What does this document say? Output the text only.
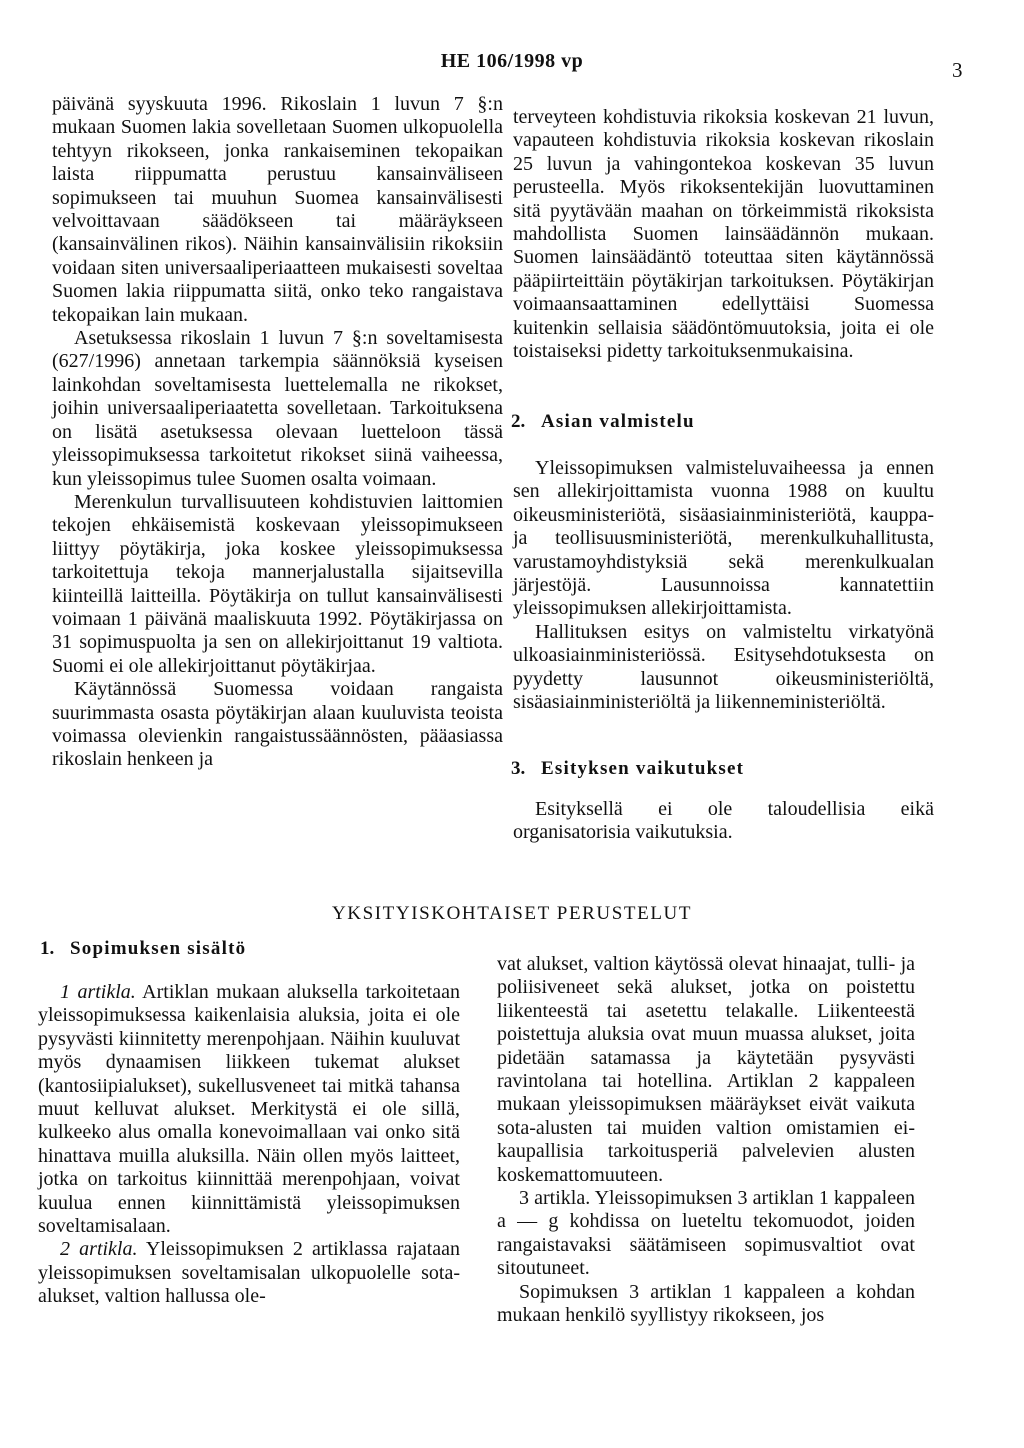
HE 106/1998 vp	3

päivänä syyskuuta 1996. Rikoslain 1 luvun 7 §:n mukaan Suomen lakia sovelletaan Suomen ulkopuolella tehtyyn rikokseen, jonka rankaiseminen tekopaikan laista riippumatta perustuu kansainväliseen sopimukseen tai muuhun Suomea kansainvälisesti velvoittavaan säädökseen tai määräykseen (kansainvälinen rikos). Näihin kansainvälisiin rikoksiin voidaan siten universaaliperiaatteen mukaisesti soveltaa Suomen lakia riippumatta siitä, onko teko rangaistava tekopaikan lain mukaan.

Asetuksessa rikoslain 1 luvun 7 §:n soveltamisesta (627/1996) annetaan tarkempia säännöksiä kyseisen lainkohdan soveltamisesta luettelemalla ne rikokset, joihin universaaliperiaatetta sovelletaan. Tarkoituksena on lisätä asetuksessa olevaan luetteloon tässä yleissopimuksessa tarkoitetut rikokset siinä vaiheessa, kun yleissopimus tulee Suomen osalta voimaan.

Merenkulun turvallisuuteen kohdistuvien laittomien tekojen ehkäisemistä koskevaan yleissopimukseen liittyy pöytäkirja, joka koskee yleissopimuksessa tarkoitettuja tekoja mannerjalustalla sijaitsevilla kiinteillä laitteilla. Pöytäkirja on tullut kansainvälisesti voimaan 1 päivänä maaliskuuta 1992. Pöytäkirjassa on 31 sopimuspuolta ja sen on allekirjoittanut 19 valtiota. Suomi ei ole allekirjoittanut pöytäkirjaa.

Käytännössä Suomessa voidaan rangaista suurimmasta osasta pöytäkirjan alaan kuuluvista teoista voimassa olevienkin rangaistussäännösten, pääasiassa rikoslain henkeen ja

terveyteen kohdistuvia rikoksia koskevan 21 luvun, vapauteen kohdistuvia rikoksia koskevan rikoslain 25 luvun ja vahingontekoa koskevan 35 luvun perusteella. Myös rikoksentekijän luovuttaminen sitä pyytävään maahan on törkeimmistä rikoksista mahdollista Suomen lainsäädännön mukaan. Suomen lainsäädäntö toteuttaa siten käytännössä pääpiirteittäin pöytäkirjan tarkoituksen. Pöytäkirjan voimaansaattaminen edellyttäisi Suomessa kuitenkin sellaisia säädöntömuutoksia, joita ei ole toistaiseksi pidetty tarkoituksenmukaisina.

2. Asian valmistelu

Yleissopimuksen valmisteluvaiheessa ja ennen sen allekirjoittamista vuonna 1988 on kuultu oikeusministeriötä, sisäasiainministeriötä, kauppa- ja teollisuusministeriötä, merenkulkuhallitusta, varustamoyhdistyksiä sekä merenkulkualan järjestöjä. Lausunnoissa kannatettiin yleissopimuksen allekirjoittamista.

Hallituksen esitys on valmisteltu virkatyönä ulkoasiainministeriössä. Esitysehdotuksesta on pyydetty lausunnot oikeusministeriöltä, sisäasiainministeriöltä ja liikenneministeriöltä.

3. Esityksen vaikutukset

Esityksellä ei ole taloudellisia eikä organisatorisia vaikutuksia.

YKSITYISKOHTAISET PERUSTELUT
1. Sopimuksen sisältö

1 artikla. Artiklan mukaan aluksella tarkoitetaan yleissopimuksessa kaikenlaisia aluksia, joita ei ole pysyvästi kiinnitetty merenpohjaan. Näihin kuuluvat myös dynaamisen liikkeen tukemat alukset (kantosiipialukset), sukellusveneet tai mitkä tahansa muut kelluvat alukset. Merkitystä ei ole sillä, kulkeeko alus omalla konevoimallaan vai onko sitä hinattava muilla aluksilla. Näin ollen myös laitteet, jotka on tarkoitus kiinnittää merenpohjaan, voivat kuulua ennen kiinnittämistä yleissopimuksen soveltamisalaan.

2 artikla. Yleissopimuksen 2 artiklassa rajataan yleissopimuksen soveltamisalan ulkopuolelle sota-alukset, valtion hallussa ole-

vat alukset, valtion käytössä olevat hinaajat, tulli- ja poliisiveneet sekä alukset, jotka on poistettu liikenteestä tai asetettu telakalle. Liikenteestä poistettuja aluksia ovat muun muassa alukset, joita pidetään satamassa ja käytetään pysyvästi ravintolana tai hotellina. Artiklan 2 kappaleen mukaan yleissopimuksen määräykset eivät vaikuta sota-alusten tai muiden valtion omistamien ei-kaupallisia tarkoitusperiä palvelevien alusten koskemattomuuteen.

3 artikla. Yleissopimuksen 3 artiklan 1 kappaleen a — g kohdissa on lueteltu tekomuodot, joiden rangaistavaksi säätämiseen sopimusvaltiot ovat sitoutuneet.

Sopimuksen 3 artiklan 1 kappaleen a kohdan mukaan henkilö syyllistyy rikokseen, jos
